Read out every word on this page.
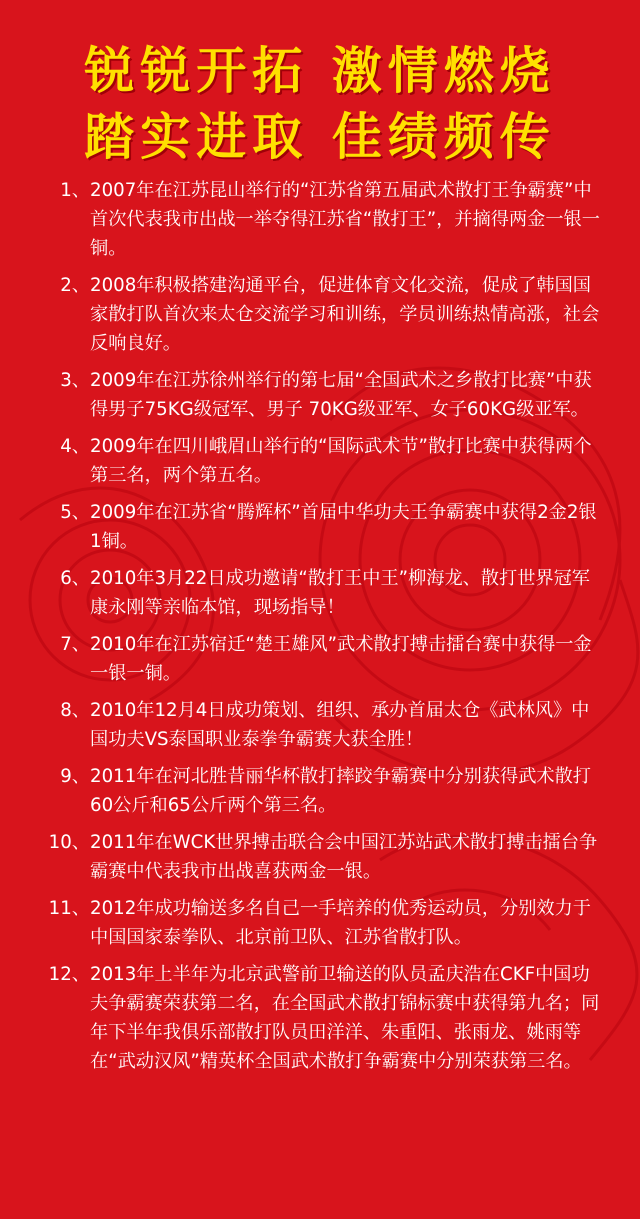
锐锐开拓 激情燃烧
踏实进取 佳绩频传
1、 2007年在江苏昆山举行的“江苏省第五届武术散打王争霸赛”中首次代表我市出战一举夺得江苏省“散打王”，并摘得两金一银一铜。
2、 2008年积极搭建沟通平台，促进体育文化交流，促成了韩国国家散打队首次来太仓交流学习和训练，学员训练热情高涨，社会反响良好。
3、 2009年在江苏徐州举行的第七届“全国武术之乡散打比赛”中获得男子75KG级冠军、男子 70KG级亚军、女子60KG级亚军。
4、 2009年在四川峨眉山举行的“国际武术节”散打比赛中获得两个第三名，两个第五名。
5、 2009年在江苏省“腾辉杯”首届中华功夫王争霸赛中获得2金2银1铜。
6、 2010年3月22日成功邀请“散打王中王”柳海龙、散打世界冠军康永刚等亲临本馆，现场指导！
7、 2010年在江苏宿迁“楚王雄风”武术散打搏击擂台赛中获得一金一银一铜。
8、 2010年12月4日成功策划、组织、承办首届太仓《武林风》中国功夫VS泰国职业泰拳争霸赛大获全胜！
9、 2011年在河北胜昔丽华杯散打摔跤争霸赛中分别获得武术散打60公斤和65公斤两个第三名。
10、 2011年在WCK世界搏击联合会中国江苏站武术散打搏击擂台争霸赛中代表我市出战喜获两金一银。
11、 2012年成功输送多名自己一手培养的优秀运动员，分别效力于中国国家泰拳队、北京前卫队、江苏省散打队。
12、 2013年上半年为北京武警前卫输送的队员孟庆浩在CKF中国功夫争霸赛荣获第二名，在全国武术散打锦标赛中获得第九名；同年下半年我俱乐部散打队员田洋洋、朱重阳、张雨龙、姚雨等在“武动汉风”精英杯全国武术散打争霸赛中分别荣获第三名。
